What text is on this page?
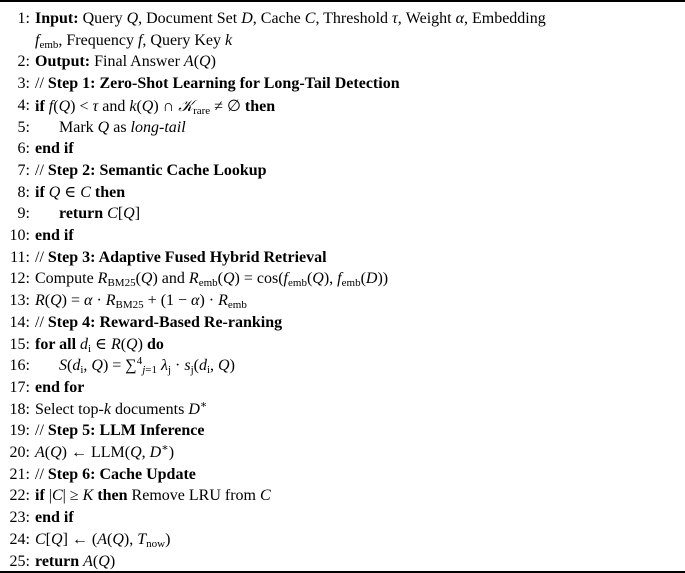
1: Input: Query Q, Document Set D, Cache C, Threshold τ, Weight α, Embedding
$f_{emb}$, Frequency f, Query Key k
2: Output: Final Answer A(Q)
3: // Step 1: Zero-Shot Learning for Long-Tail Detection
4: if f(Q) < τ and k(Q) ∩ 𝒦$_{rare}$ ≠ ∅ then
5: Mark Q as long-tail
6: end if
7: // Step 2: Semantic Cache Lookup
8: if Q ∈ C then
9: return C[Q]
10: end if
11: // Step 3: Adaptive Fused Hybrid Retrieval
12: Compute $R_{BM25}(Q)$ and $R_{emb}(Q) = \cos(f_{emb}(Q)$, $f_{emb}(D)$)
13: $R(Q) = \alpha \cdot R_{BM25} + (1 - \alpha) \cdot R_{emb}$
14: // Step 4: Reward-Based Re-ranking
15: for all $d_i$ ∈ R(Q) do
16: $S(d_i$, Q) = ∑$^4_{j=1}$ $\lambda_j \cdot s_j(d_i$, Q)
17: end for
18: Select top-k documents D∗
19: // Step 5: LLM Inference
20: A(Q) ← LLM(Q, D∗)
21: // Step 6: Cache Update
22: if |C| ≥ K then Remove LRU from C
23: end if
24: C[Q] ← (A(Q), $T_{now}$)
25: return A(Q)
